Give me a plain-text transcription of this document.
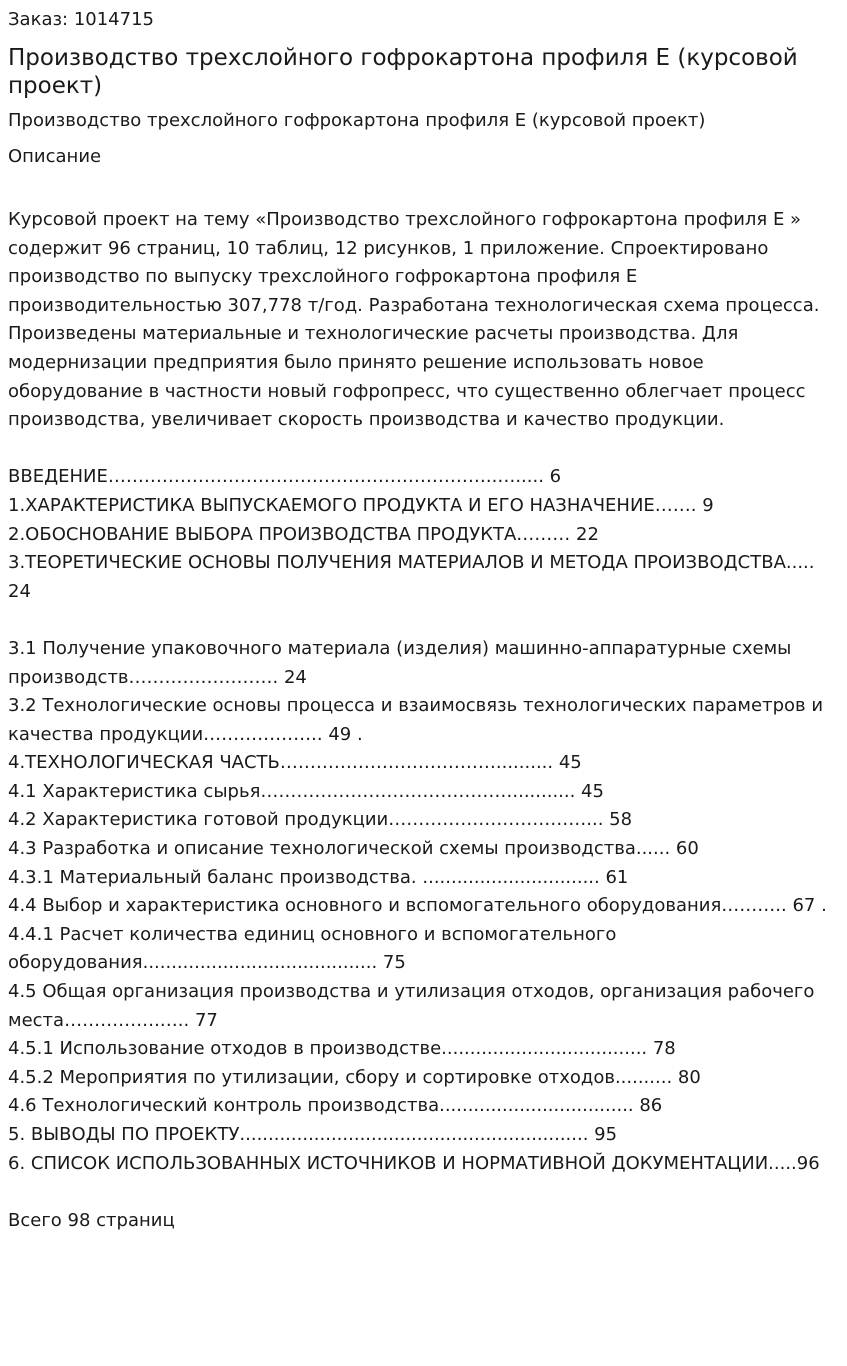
Заказ: 1014715
Производство трехслойного гофрокартона профиля Е (курсовой проект)
Производство трехслойного гофрокартона профиля Е (курсовой проект)
Описание

Курсовой проект на тему «Производство трехслойного гофрокартона профиля Е » содержит 96 страниц, 10 таблиц, 12 рисунков, 1 приложение. Спроектировано производство по выпуску трехслойного гофрокартона профиля Е производительностью 307,778 т/год. Разработана технологическая схема процесса. Произведены материальные и технологические расчеты производства. Для модернизации предприятия было принято решение использовать новое оборудование в частности новый гофропресс, что существенно облегчает процесс производства, увеличивает скорость производства и качество продукции.

ВВЕДЕНИЕ………………………………………………………..…..... 6
1.ХАРАКТЕРИСТИКА ВЫПУСКАЕМОГО ПРОДУКТА И ЕГО НАЗНАЧЕНИЕ……. 9
2.ОБОСНОВАНИЕ ВЫБОРА ПРОИЗВОДСТВА ПРОДУКТА……… 22
3.ТЕОРЕТИЧЕСКИЕ ОСНОВЫ ПОЛУЧЕНИЯ МАТЕРИАЛОВ И МЕТОДА ПРОИЗВОДСТВА..... 24
3.1 Получение упаковочного материала (изделия) машинно-аппаратурные схемы производств……………………. 24
3.2 Технологические основы процесса и взаимосвязь технологических параметров и качества продукции……………….. 49 .
4.ТЕХНОЛОГИЧЕСКАЯ ЧАСТЬ……………………………….......... 45
4.1 Характеристика сырья……………………………………........... 45
4.2 Характеристика готовой продукции……………………………... 58
4.3 Разработка и описание технологической схемы производства...... 60
4.3.1 Материальный баланс производства. ............................... 61
4.4 Выбор и характеристика основного и вспомогательного оборудования……….. 67 .
4.4.1 Расчет количества единиц основного и вспомогательного оборудования......................................... 75
4.5 Общая организация производства и утилизация отходов, организация рабочего места…………….….. 77
4.5.1 Использование отходов в производстве.................................... 78
4.5.2 Мероприятия по утилизации, сбору и сортировке отходов.......... 80
4.6 Технологический контроль производства.................................. 86
5. ВЫВОДЫ ПО ПРОЕКТУ............................................................. 95
6. СПИСОК ИСПОЛЬЗОВАННЫХ ИСТОЧНИКОВ И НОРМАТИВНОЙ ДОКУМЕНТАЦИИ.....96
Всего 98 страниц
